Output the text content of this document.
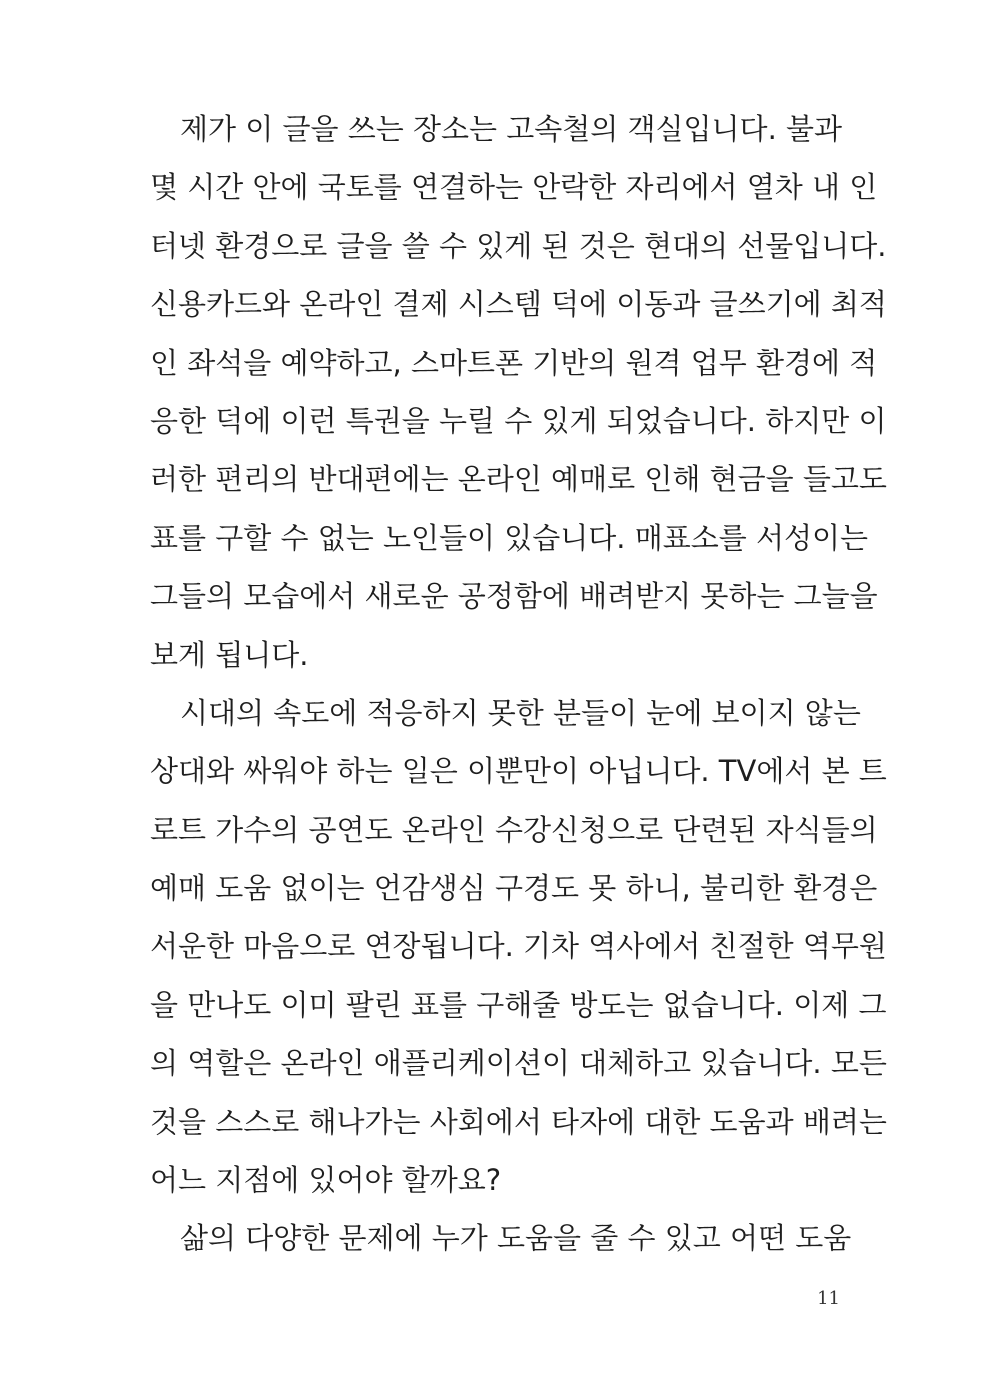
제가 이 글을 쓰는 장소는 고속철의 객실입니다. 불과
몇 시간 안에 국토를 연결하는 안락한 자리에서 열차 내 인
터넷 환경으로 글을 쓸 수 있게 된 것은 현대의 선물입니다.
신용카드와 온라인 결제 시스템 덕에 이동과 글쓰기에 최적
인 좌석을 예약하고, 스마트폰 기반의 원격 업무 환경에 적
응한 덕에 이런 특권을 누릴 수 있게 되었습니다. 하지만 이
러한 편리의 반대편에는 온라인 예매로 인해 현금을 들고도
표를 구할 수 없는 노인들이 있습니다. 매표소를 서성이는
그들의 모습에서 새로운 공정함에 배려받지 못하는 그늘을
보게 됩니다.
시대의 속도에 적응하지 못한 분들이 눈에 보이지 않는
상대와 싸워야 하는 일은 이뿐만이 아닙니다. TV에서 본 트
로트 가수의 공연도 온라인 수강신청으로 단련된 자식들의
예매 도움 없이는 언감생심 구경도 못 하니, 불리한 환경은
서운한 마음으로 연장됩니다. 기차 역사에서 친절한 역무원
을 만나도 이미 팔린 표를 구해줄 방도는 없습니다. 이제 그
의 역할은 온라인 애플리케이션이 대체하고 있습니다. 모든
것을 스스로 해나가는 사회에서 타자에 대한 도움과 배려는
어느 지점에 있어야 할까요?
삶의 다양한 문제에 누가 도움을 줄 수 있고 어떤 도움
11
